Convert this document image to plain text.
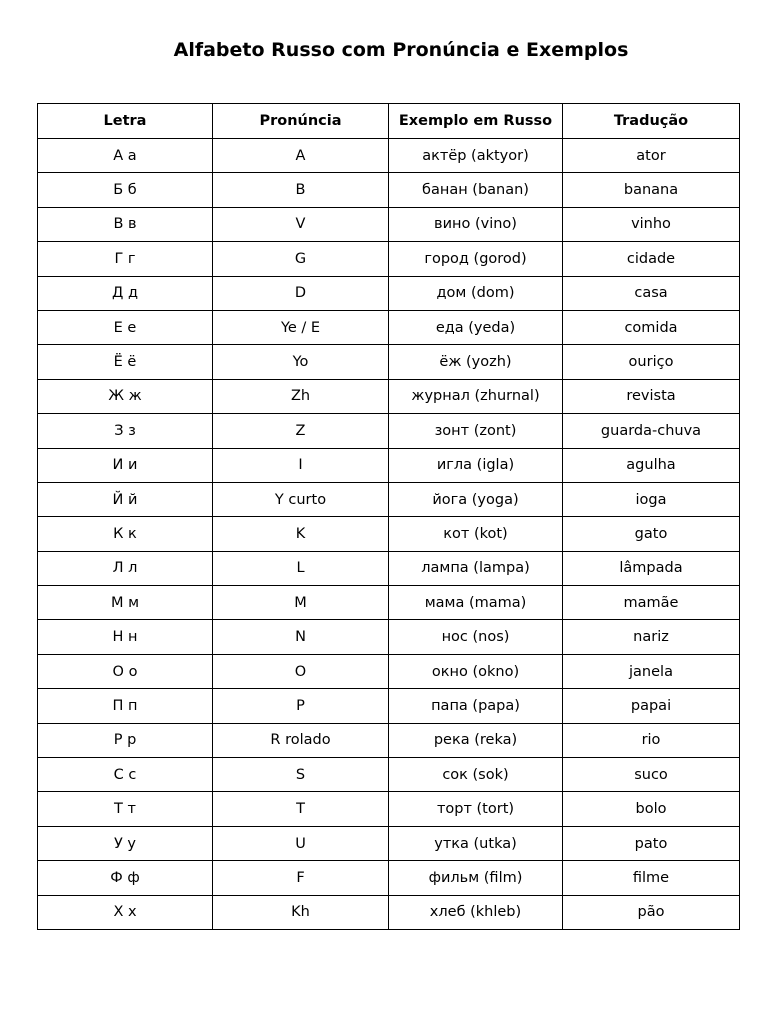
Alfabeto Russo com Pronúncia e Exemplos
Letra	Pronúncia	Exemplo em Russo	Tradução
А а	A	актёр (aktyor)	ator
Б б	B	банан (banan)	banana
В в	V	вино (vino)	vinho
Г г	G	город (gorod)	cidade
Д д	D	дом (dom)	casa
Е е	Ye / E	еда (yeda)	comida
Ё ё	Yo	ёж (yozh)	ouriço
Ж ж	Zh	журнал (zhurnal)	revista
З з	Z	зонт (zont)	guarda-chuva
И и	I	игла (igla)	agulha
Й й	Y curto	йога (yoga)	ioga
К к	K	кот (kot)	gato
Л л	L	лампа (lampa)	lâmpada
М м	M	мама (mama)	mamãe
Н н	N	нос (nos)	nariz
О о	O	окно (okno)	janela
П п	P	папа (papa)	papai
Р р	R rolado	река (reka)	rio
С с	S	сок (sok)	suco
Т т	T	торт (tort)	bolo
У у	U	утка (utka)	pato
Ф ф	F	фильм (film)	filme
Х х	Kh	хлеб (khleb)	pão
